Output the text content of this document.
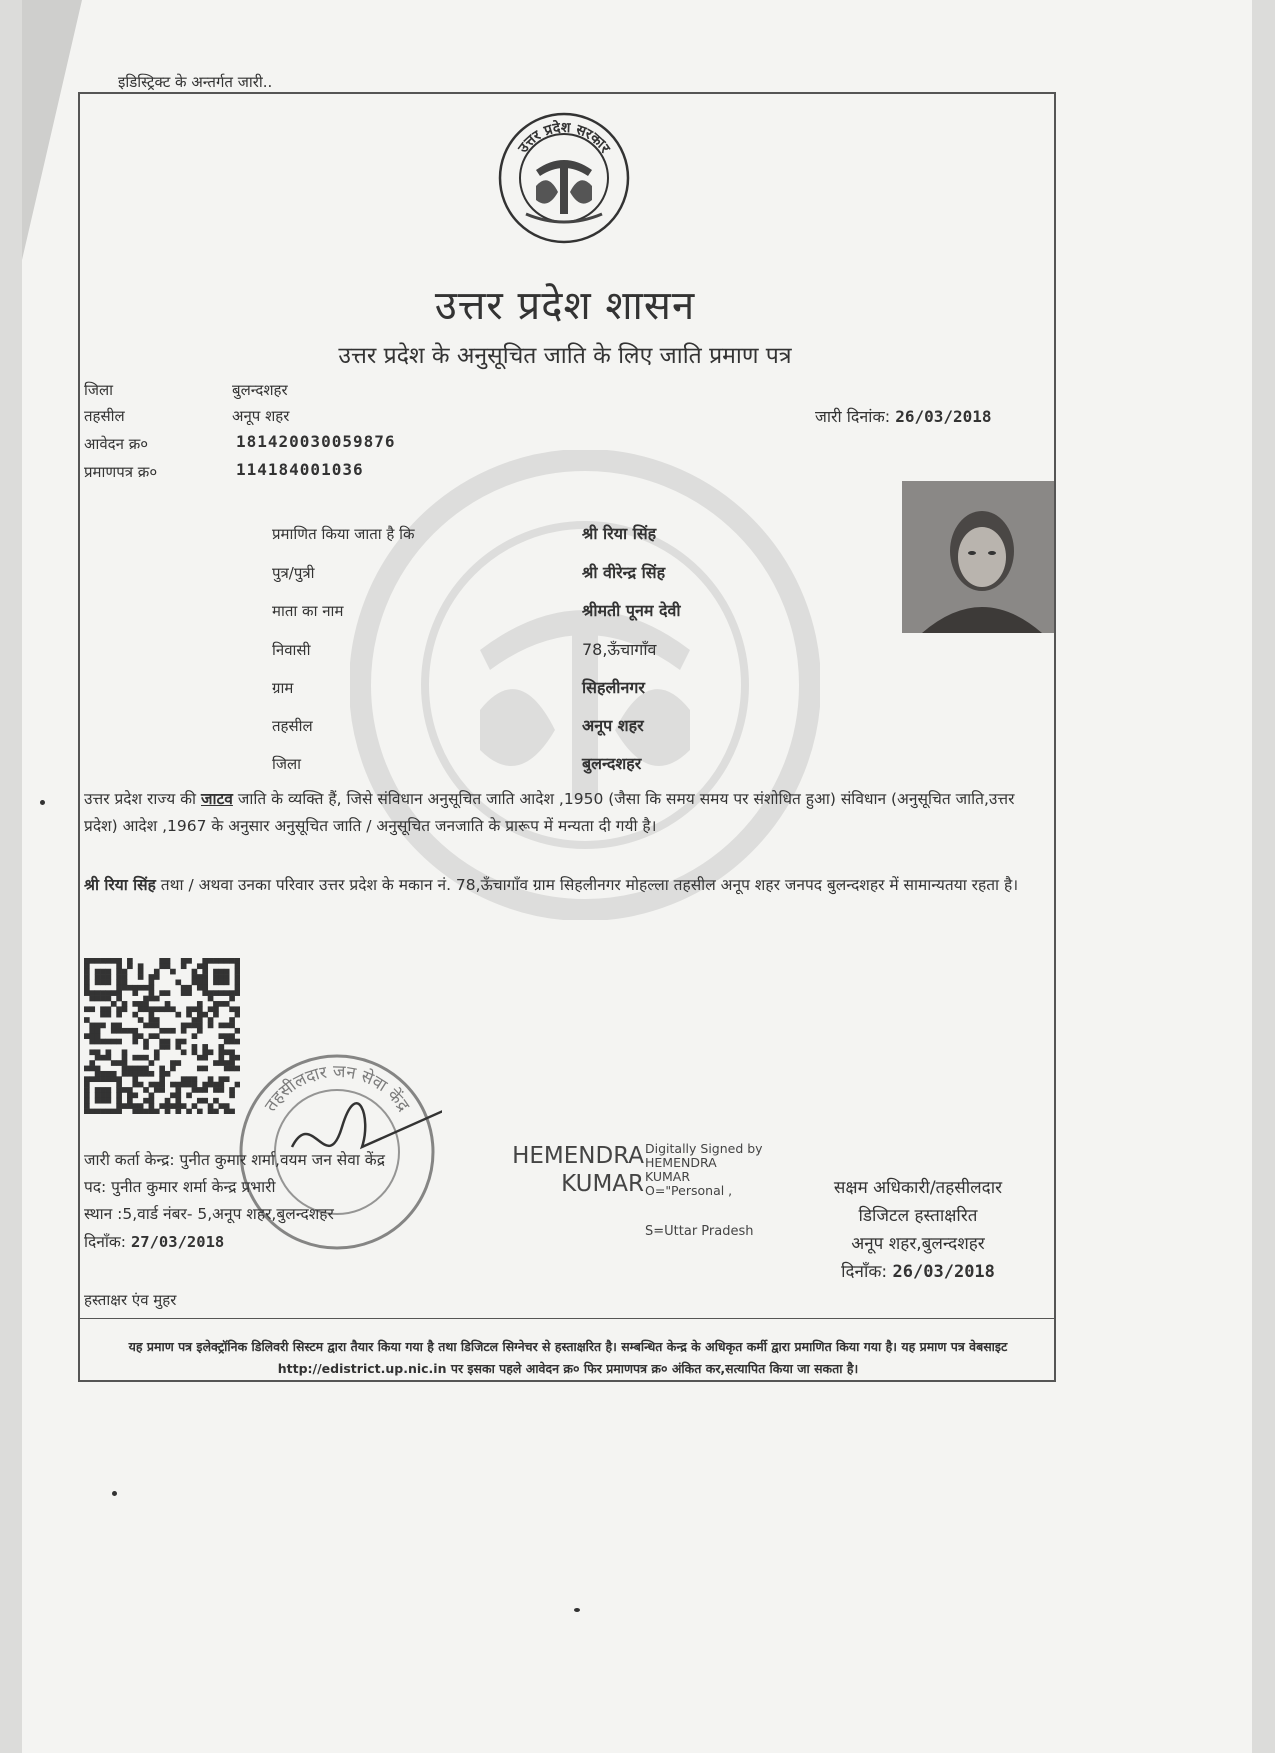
इडिस्ट्रिक्ट के अन्तर्गत जारी..
उत्तर प्रदेश सरकार
उत्तर प्रदेश शासन
उत्तर प्रदेश के अनुसूचित जाति के लिए जाति प्रमाण पत्र
जिला	बुलन्दशहर
तहसील	अनूप शहर
आवेदन क्र०	181420030059876
प्रमाणपत्र क्र०	114184001036
जारी दिनांक: 26/03/2018
प्रमाणित किया जाता है कि	श्री रिया सिंह
पुत्र/पुत्री	श्री वीरेन्द्र सिंह
माता का नाम	श्रीमती पूनम देवी
निवासी	78,ऊँचागाँव
ग्राम	सिहलीनगर
तहसील	अनूप शहर
जिला	बुलन्दशहर
उत्तर प्रदेश राज्य की जाटव जाति के व्यक्ति हैं, जिसे संविधान अनुसूचित जाति आदेश ,1950 (जैसा कि समय समय पर संशोधित हुआ) संविधान (अनुसूचित जाति,उत्तर प्रदेश) आदेश ,1967 के अनुसार अनुसूचित जाति / अनुसूचित जनजाति के प्रारूप में मन्यता दी गयी है।
श्री रिया सिंह तथा / अथवा उनका परिवार उत्तर प्रदेश के मकान नं. 78,ऊँचागाँव ग्राम सिहलीनगर मोहल्ला तहसील अनूप शहर जनपद बुलन्दशहर में सामान्यतया रहता है।
तहसीलदार जन सेवा केंद्र
जारी कर्ता केन्द्र: पुनीत कुमार शर्मा,वयम जन सेवा केंद्र
पद: पुनीत कुमार शर्मा केन्द्र प्रभारी
स्थान :5,वार्ड नंबर- 5,अनूप शहर,बुलन्दशहर
दिनाँक: 27/03/2018
HEMENDRA
KUMAR
Digitally Signed by HEMENDRA KUMAR O="Personal ,
S=Uttar Pradesh
सक्षम अधिकारी/तहसीलदार
डिजिटल हस्ताक्षरित
अनूप शहर,बुलन्दशहर
दिनाँक: 26/03/2018
हस्ताक्षर एंव मुहर
यह प्रमाण पत्र इलेक्ट्रॉनिक डिलिवरी सिस्टम द्वारा तैयार किया गया है तथा डिजिटल सिग्नेचर से हस्ताक्षरित है। सम्बन्धित केन्द्र के अधिकृत कर्मी द्वारा प्रमाणित किया गया है। यह प्रमाण पत्र वेबसाइट http://edistrict.up.nic.in पर इसका पहले आवेदन क्र० फिर प्रमाणपत्र क्र० अंकित कर,सत्यापित किया जा सकता है।
